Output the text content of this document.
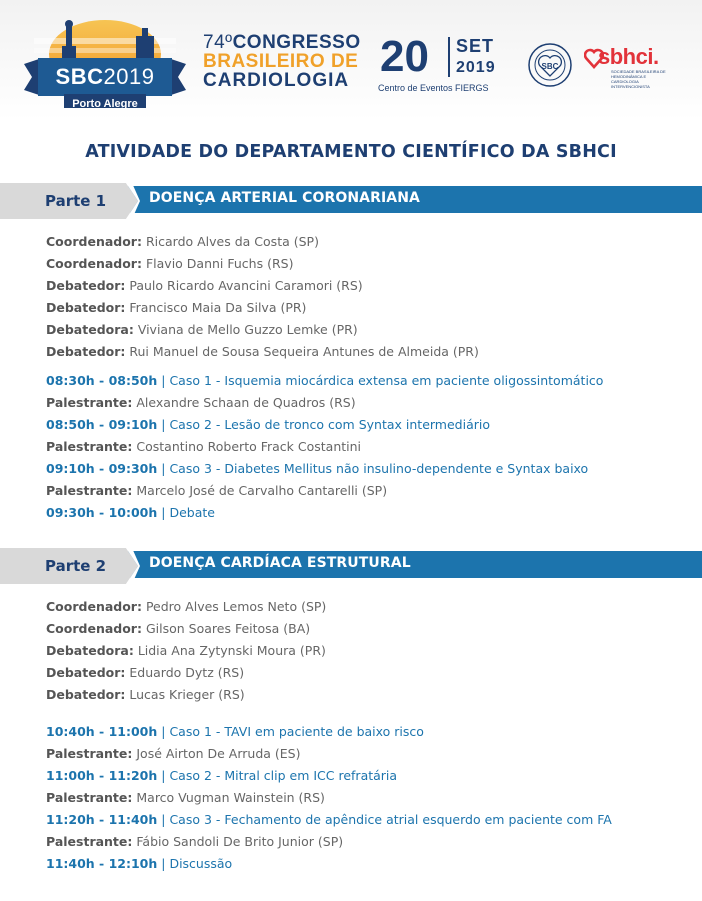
SBC2019
Porto Alegre
74ºCONGRESSO
BRASILEIRO DE
CARDIOLOGIA 20 SET
2019
Centro de Eventos FIERGS
SBC sbhci.
SOCIEDADE BRASILEIRA DE HEMODINÂMICA E CARDIOLOGIA INTERVENCIONISTA
ATIVIDADE DO DEPARTAMENTO CIENTÍFICO DA SBHCI
Parte 1	DOENÇA ARTERIAL CORONARIANA
Coordenador: Ricardo Alves da Costa (SP)
Coordenador: Flavio Danni Fuchs (RS)
Debatedor: Paulo Ricardo Avancini Caramori (RS)
Debatedor: Francisco Maia Da Silva (PR)
Debatedora: Viviana de Mello Guzzo Lemke (PR)
Debatedor: Rui Manuel de Sousa Sequeira Antunes de Almeida (PR)
08:30h - 08:50h | Caso 1 - Isquemia miocárdica extensa em paciente oligossintomático
Palestrante: Alexandre Schaan de Quadros (RS)
08:50h - 09:10h | Caso 2 - Lesão de tronco com Syntax intermediário
Palestrante: Costantino Roberto Frack Costantini
09:10h - 09:30h | Caso 3 - Diabetes Mellitus não insulino-dependente e Syntax baixo
Palestrante: Marcelo José de Carvalho Cantarelli (SP)
09:30h - 10:00h | Debate
Parte 2	DOENÇA CARDÍACA ESTRUTURAL
Coordenador: Pedro Alves Lemos Neto (SP)
Coordenador: Gilson Soares Feitosa (BA)
Debatedora: Lidia Ana Zytynski Moura (PR)
Debatedor: Eduardo Dytz (RS)
Debatedor: Lucas Krieger (RS)
10:40h - 11:00h | Caso 1 - TAVI em paciente de baixo risco
Palestrante: José Airton De Arruda (ES)
11:00h - 11:20h | Caso 2 - Mitral clip em ICC refratária
Palestrante: Marco Vugman Wainstein (RS)
11:20h - 11:40h | Caso 3 - Fechamento de apêndice atrial esquerdo em paciente com FA
Palestrante: Fábio Sandoli De Brito Junior (SP)
11:40h - 12:10h | Discussão
